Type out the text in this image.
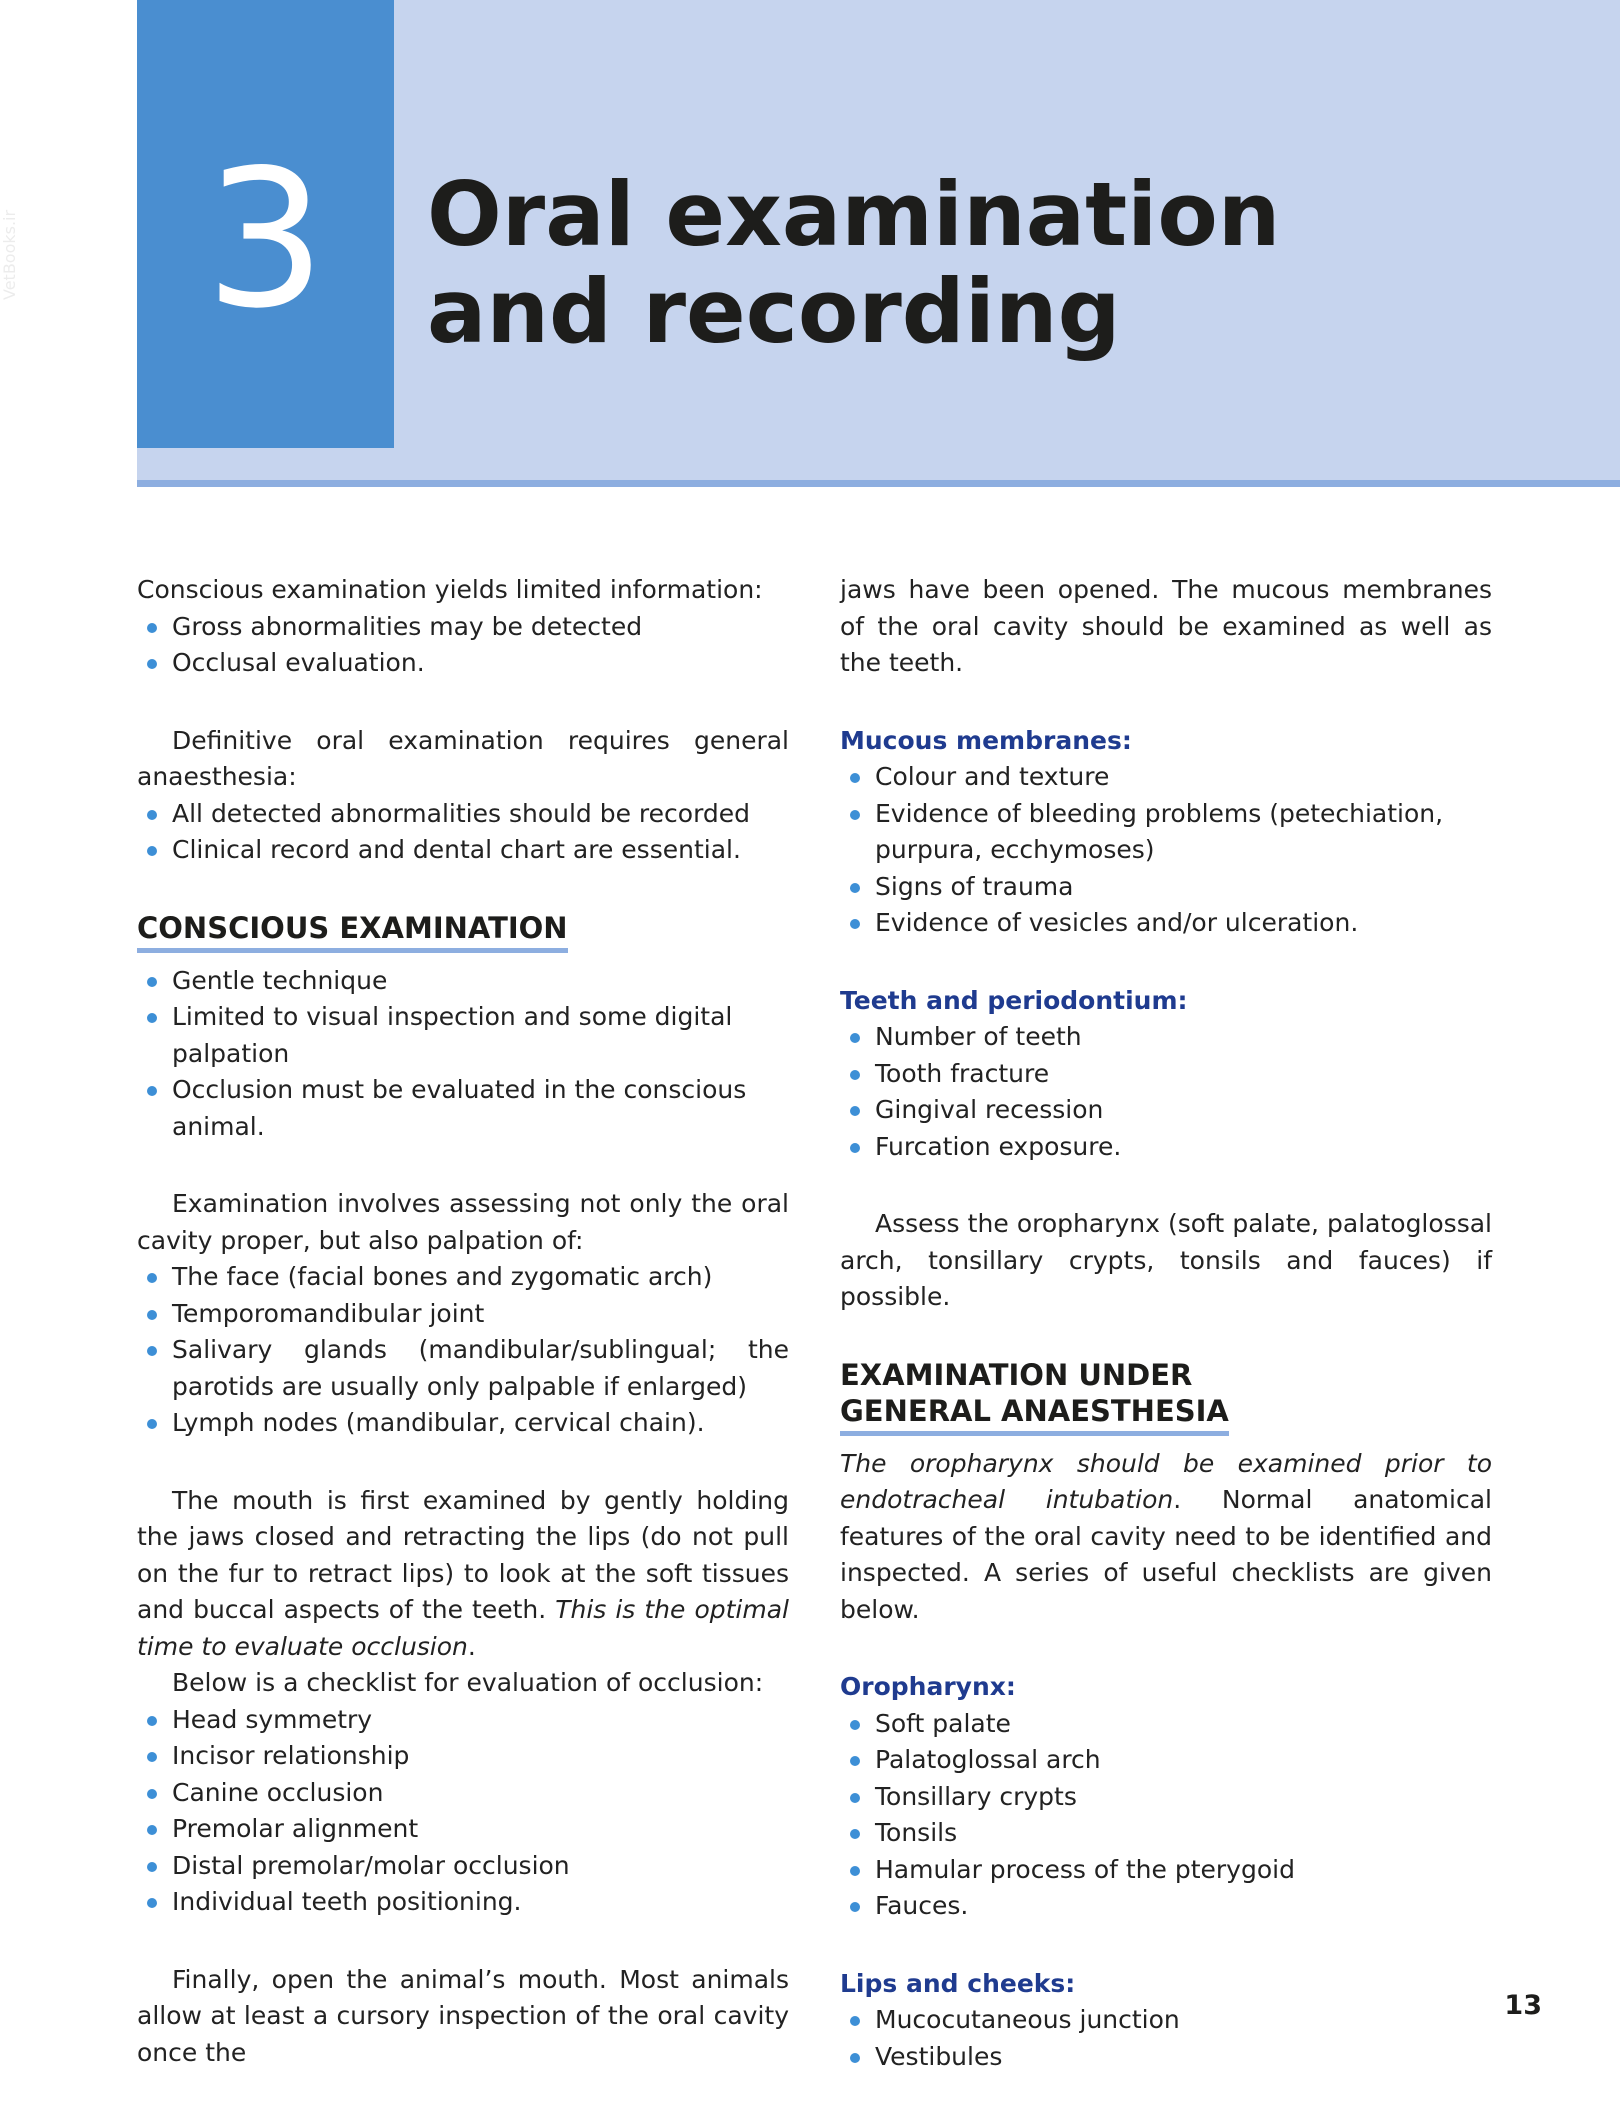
3	Oral examination
and recording
VetBooks.ir

Conscious examination yields limited information:

Gross abnormalities may be detected
Occlusal evaluation.

Definitive oral examination requires general anaesthesia:

All detected abnormalities should be recorded
Clinical record and dental chart are essential.
CONSCIOUS EXAMINATION
Gentle technique
Limited to visual inspection and some digital palpation
Occlusion must be evaluated in the conscious animal.

Examination involves assessing not only the oral cavity proper, but also palpation of:

The face (facial bones and zygomatic arch)
Temporomandibular joint
Salivary glands (mandibular/sublingual; the parotids are usually only palpable if enlarged)
Lymph nodes (mandibular, cervical chain).

The mouth is first examined by gently holding the jaws closed and retracting the lips (do not pull on the fur to retract lips) to look at the soft tissues and buccal aspects of the teeth. This is the optimal time to evaluate occlusion.

Below is a checklist for evaluation of occlusion:

Head symmetry
Incisor relationship
Canine occlusion
Premolar alignment
Distal premolar/molar occlusion
Individual teeth positioning.

Finally, open the animal’s mouth. Most animals allow at least a cursory inspection of the oral cavity once the

jaws have been opened. The mucous membranes of the oral cavity should be examined as well as the teeth.

Mucous membranes:

Colour and texture
Evidence of bleeding problems (petechiation, purpura, ecchymoses)
Signs of trauma
Evidence of vesicles and/or ulceration.

Teeth and periodontium:

Number of teeth
Tooth fracture
Gingival recession
Furcation exposure.

Assess the oropharynx (soft palate, palatoglossal arch, tonsillary crypts, tonsils and fauces) if possible.

EXAMINATION UNDER
GENERAL ANAESTHESIA

The oropharynx should be examined prior to endotracheal intubation. Normal anatomical features of the oral cavity need to be identified and inspected. A series of useful checklists are given below.

Oropharynx:

Soft palate
Palatoglossal arch
Tonsillary crypts
Tonsils
Hamular process of the pterygoid
Fauces.

Lips and cheeks:

Mucocutaneous junction
Vestibules
13
